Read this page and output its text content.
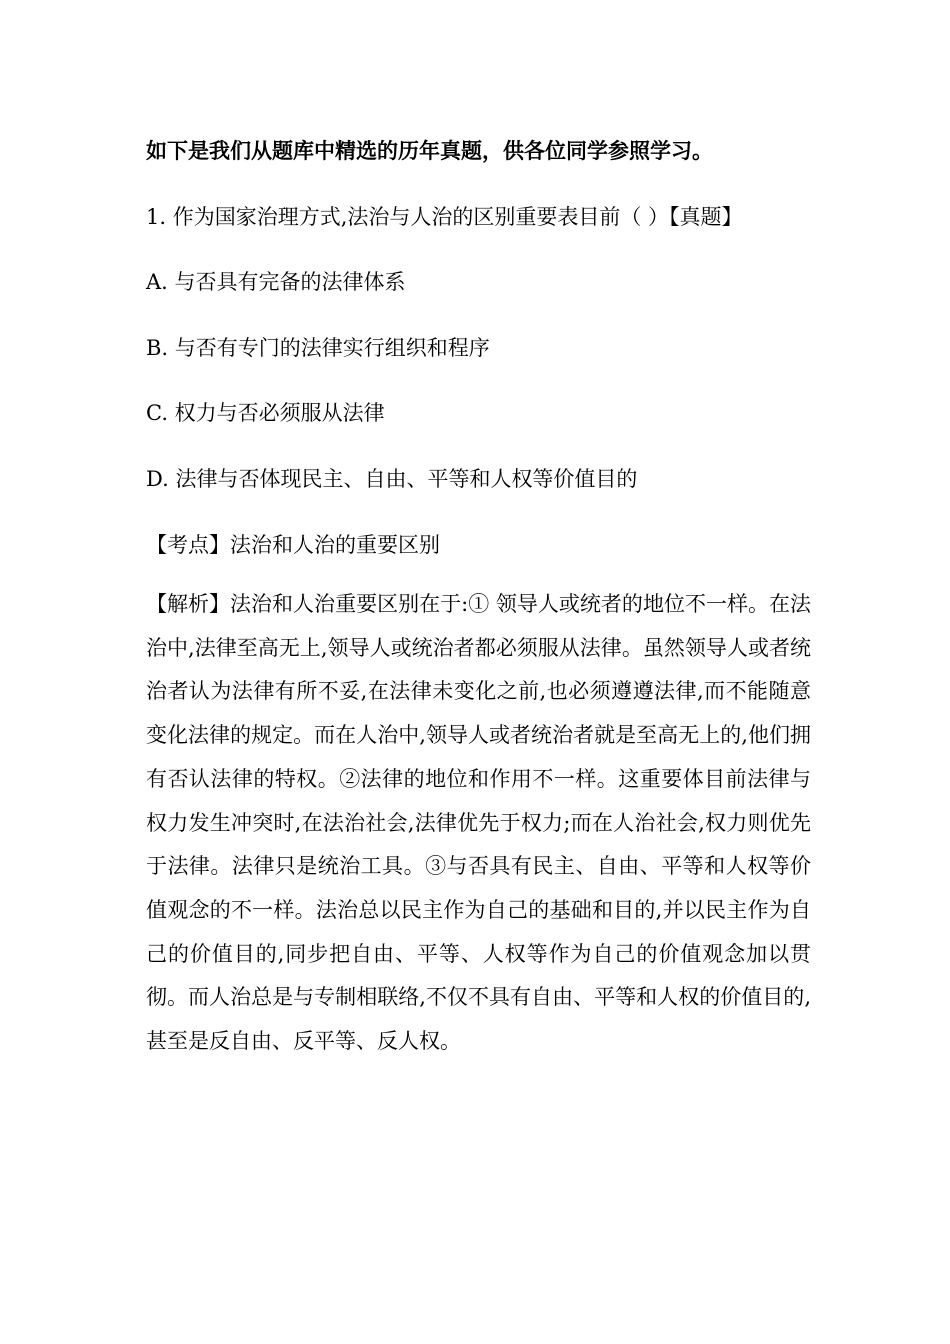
如下是我们从题库中精选的历年真题，供各位同学参照学习。

1. 作为国家治理方式,法治与人治的区别重要表目前（ ）【真题】

A. 与否具有完备的法律体系

B. 与否有专门的法律实行组织和程序

C. 权力与否必须服从法律

D. 法律与否体现民主、自由、平等和人权等价值目的

【考点】法治和人治的重要区别

【解析】法治和人治重要区别在于:① 领导人或统者的地位不一样。在法治中,法律至高无上,领导人或统治者都必须服从法律。虽然领导人或者统治者认为法律有所不妥,在法律未变化之前,也必须遵遵法律,而不能随意变化法律的规定。而在人治中,领导人或者统治者就是至高无上的,他们拥有否认法律的特权。②法律的地位和作用不一样。这重要体目前法律与权力发生冲突时,在法治社会,法律优先于权力;而在人治社会,权力则优先于法律。法律只是统治工具。③与否具有民主、自由、平等和人权等价值观念的不一样。法治总以民主作为自己的基础和目的,并以民主作为自己的价值目的,同步把自由、平等、人权等作为自己的价值观念加以贯彻。而人治总是与专制相联络,不仅不具有自由、平等和人权的价值目的,甚至是反自由、反平等、反人权。
